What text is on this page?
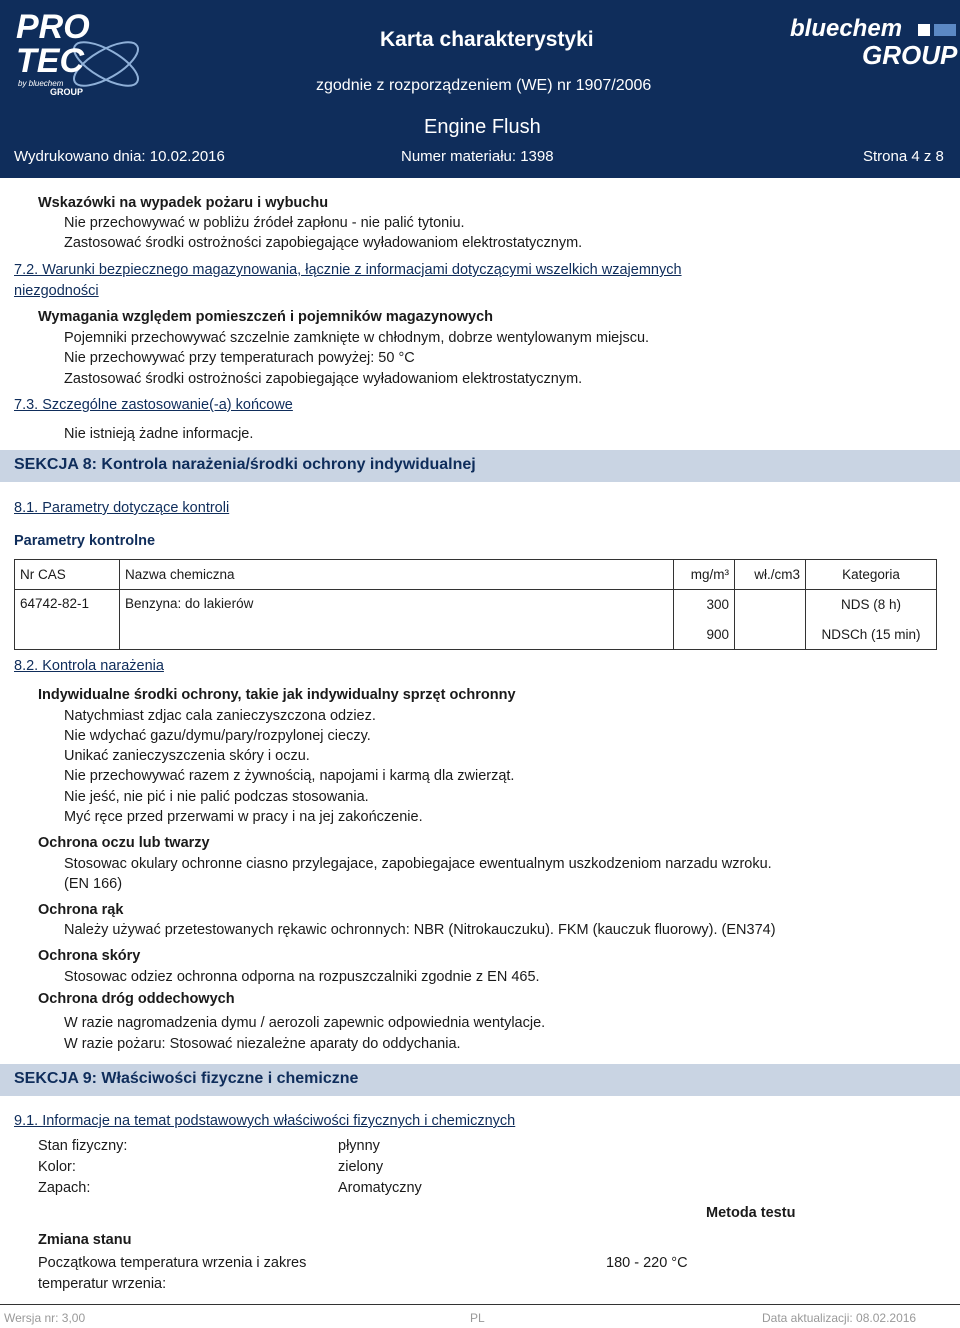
PRO
TEC
by bluechem
GROUP
Karta charakterystyki	bluechem
GROUP
zgodnie z rozporządzeniem (WE) nr 1907/2006
Engine Flush
Wydrukowano dnia: 10.02.2016	Numer materiału: 1398	Strona 4 z 8
Wskazówki na wypadek pożaru i wybuchu
Nie przechowywać w pobliżu źródeł zapłonu - nie palić tytoniu.
Zastosować środki ostrożności zapobiegające wyładowaniom elektrostatycznym.
7.2. Warunki bezpiecznego magazynowania, łącznie z informacjami dotyczącymi wszelkich wzajemnych
niezgodności
Wymagania względem pomieszczeń i pojemników magazynowych
Pojemniki przechowywać szczelnie zamknięte w chłodnym, dobrze wentylowanym miejscu.
Nie przechowywać przy temperaturach powyżej: 50 °C
Zastosować środki ostrożności zapobiegające wyładowaniom elektrostatycznym.
7.3. Szczególne zastosowanie(-a) końcowe
Nie istnieją żadne informacje.
SEKCJA 8: Kontrola narażenia/środki ochrony indywidualnej
8.1. Parametry dotyczące kontroli
Parametry kontrolne
Nr CAS	Nazwa chemiczna	mg/m³	wł./cm3	Kategoria
64742-82-1	Benzyna: do lakierów	300		NDS (8 h)
		900		NDSCh (15 min)
8.2. Kontrola narażenia
Indywidualne środki ochrony, takie jak indywidualny sprzęt ochronny
Natychmiast zdjac cala zanieczyszczona odziez.
Nie wdychać gazu/dymu/pary/rozpylonej cieczy.
Unikać zanieczyszczenia skóry i oczu.
Nie przechowywać razem z żywnością, napojami i karmą dla zwierząt.
Nie jeść, nie pić i nie palić podczas stosowania.
Myć ręce przed przerwami w pracy i na jej zakończenie.
Ochrona oczu lub twarzy
Stosowac okulary ochronne ciasno przylegajace, zapobiegajace ewentualnym uszkodzeniom narzadu wzroku.
(EN 166)
Ochrona rąk
Należy używać przetestowanych rękawic ochronnych: NBR (Nitrokauczuku). FKM (kauczuk fluorowy). (EN374)
Ochrona skóry
Stosowac odziez ochronna odporna na rozpuszczalniki zgodnie z EN 465.
Ochrona dróg oddechowych
W razie nagromadzenia dymu / aerozoli zapewnic odpowiednia wentylacje.
W razie pożaru: Stosować niezależne aparaty do oddychania.
SEKCJA 9: Właściwości fizyczne i chemiczne
9.1. Informacje na temat podstawowych właściwości fizycznych i chemicznych
Stan fizyczny:	płynny
Kolor:	zielony
Zapach:	Aromatyczny
Metoda testu
Zmiana stanu
Początkowa temperatura wrzenia i zakres
temperatur wrzenia:
180 - 220 °C
Wersja nr: 3,00	PL	Data aktualizacji: 08.02.2016
